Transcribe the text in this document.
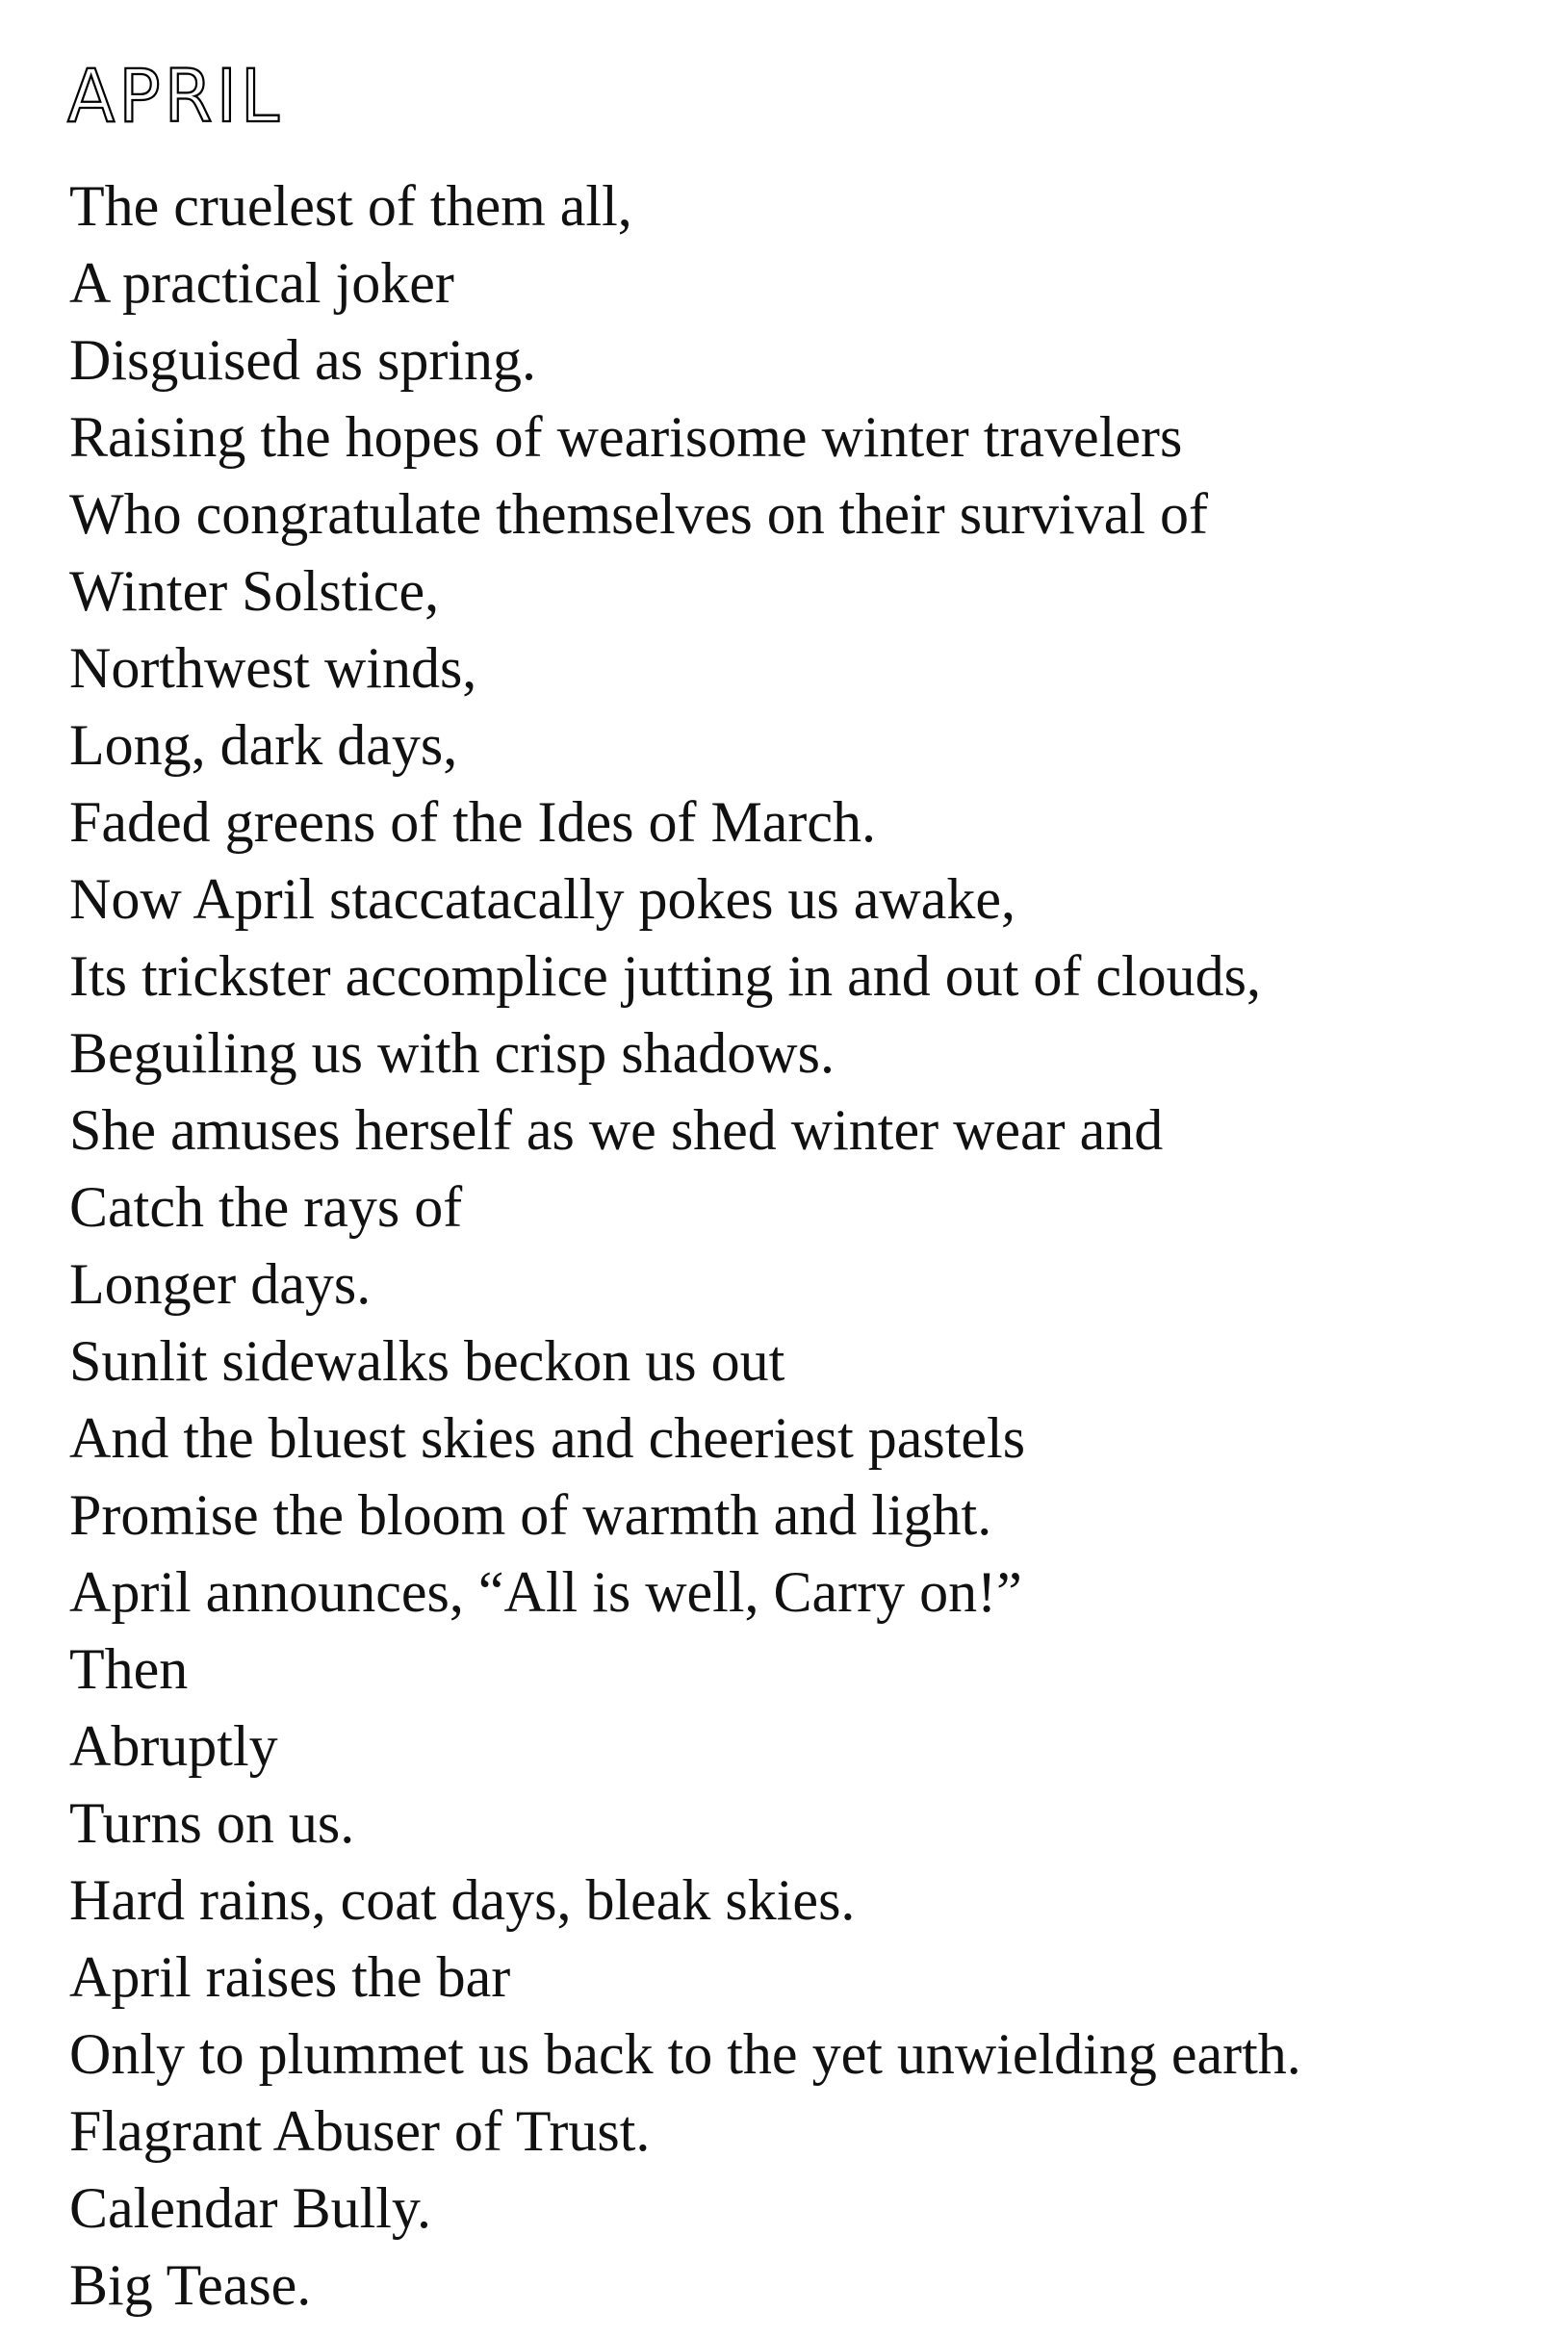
APRIL
The cruelest of them all,
A practical joker
Disguised as spring.
Raising the hopes of wearisome winter travelers
Who congratulate themselves on their survival of
Winter Solstice,
Northwest winds,
Long, dark days,
Faded greens of the Ides of March.
Now April staccatacally pokes us awake,
Its trickster accomplice jutting in and out of clouds,
Beguiling us with crisp shadows.
She amuses herself as we shed winter wear and
Catch the rays of
Longer days.
Sunlit sidewalks beckon us out
And the bluest skies and cheeriest pastels
Promise the bloom of warmth and light.
April announces, “All is well, Carry on!”
Then
Abruptly
Turns on us.
Hard rains, coat days, bleak skies.
April raises the bar
Only to plummet us back to the yet unwielding earth.
Flagrant Abuser of Trust.
Calendar Bully.
Big Tease.
